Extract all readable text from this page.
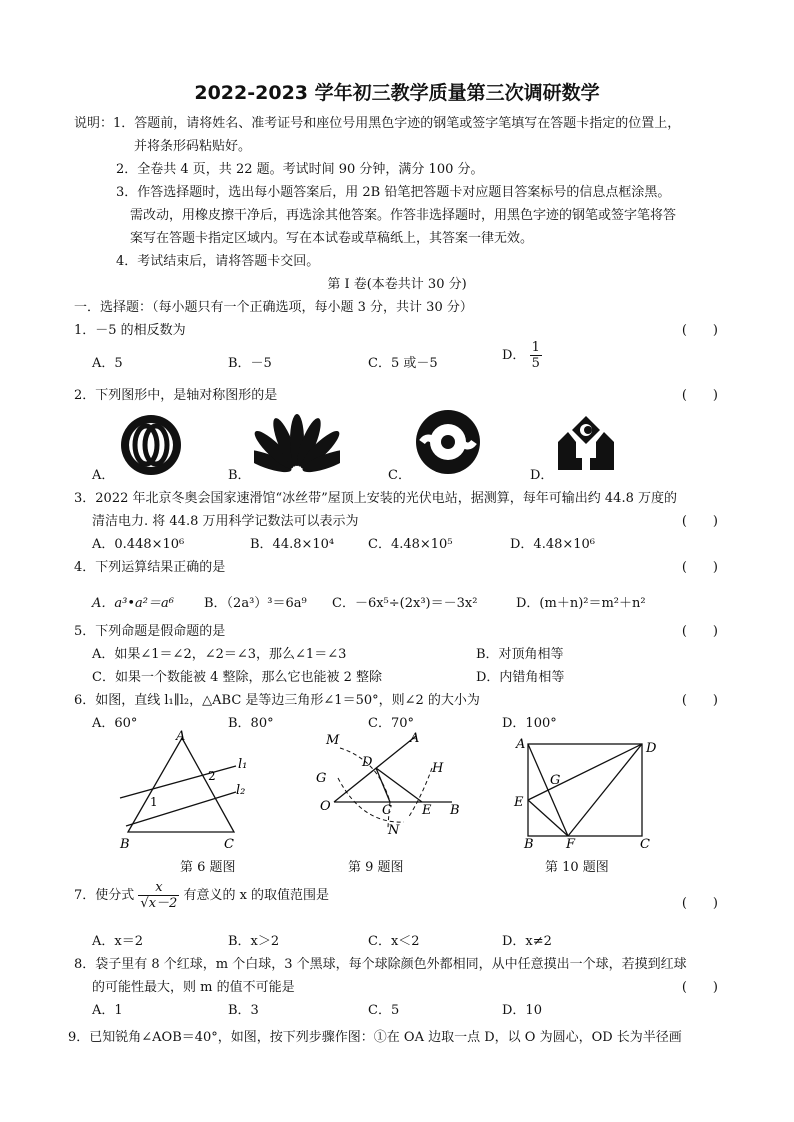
2022-2023 学年初三教学质量第三次调研数学
说明：1．答题前，请将姓名、准考证号和座位号用黑色字迹的钢笔或签字笔填写在答题卡指定的位置上，
并将条形码粘贴好。
2．全卷共 4 页，共 22 题。考试时间 90 分钟，满分 100 分。
3．作答选择题时，选出每小题答案后，用 2B 铅笔把答题卡对应题目答案标号的信息点框涂黑。
需改动，用橡皮擦干净后，再选涂其他答案。作答非选择题时，用黑色字迹的钢笔或签字笔将答
案写在答题卡指定区域内。写在本试卷或草稿纸上，其答案一律无效。
4．考试结束后，请将答题卡交回。
第 I 卷(本卷共计 30 分)
一．选择题：（每小题只有一个正确选项，每小题 3 分，共计 30 分）
1．－5 的相反数为	(　　)
A．5	B．－5	C．5 或－5
D． $\frac{1}{5}$
2．下列图形中，是轴对称图形的是	(　　)
A．	B．	C．	D．
3．2022 年北京冬奥会国家速滑馆“冰丝带”屋顶上安装的光伏电站，据测算，每年可输出约 44.8 万度的
清洁电力. 将 44.8 万用科学记数法可以表示为	(　　)
A．0.448×10⁶	B．44.8×10⁴	C．4.48×10⁵	D．4.48×10⁶
4．下列运算结果正确的是	(　　)
A．a³•a²＝a⁶ B．（2a³）³＝6a⁹ C．－6x⁵÷(2x³)＝－3x²	D．(m＋n)²＝m²＋n²
5．下列命题是假命题的是	(　　)
A．如果∠1＝∠2，∠2＝∠3，那么∠1＝∠3	B．对顶角相等
C．如果一个数能被 4 整除，那么它也能被 2 整除	D．内错角相等
6．如图，直线 l₁∥l₂，△ABC 是等边三角形∠1＝50°，则∠2 的大小为	(　　)
A．60°	B．80°	C．70°	D．100°
A
B	C
l₁
l₂
1
2
第 6 题图
M	A
D	H
G
O	C E B
N
第 9 题图
A	D
G
E
B F	C
第 10 题图
7．使分式 $\frac{x}{√x-2}$ 有意义的 x 的取值范围是
(　　)
A．x＝2	B．x＞2	C．x＜2	D．x≠2
8．袋子里有 8 个红球，m 个白球，3 个黑球，每个球除颜色外都相同，从中任意摸出一个球，若摸到红球
的可能性最大，则 m 的值不可能是	(　　)
A．1	B．3	C．5	D．10
9．已知锐角∠AOB＝40°，如图，按下列步骤作图：①在 OA 边取一点 D，以 O 为圆心，OD 长为半径画
